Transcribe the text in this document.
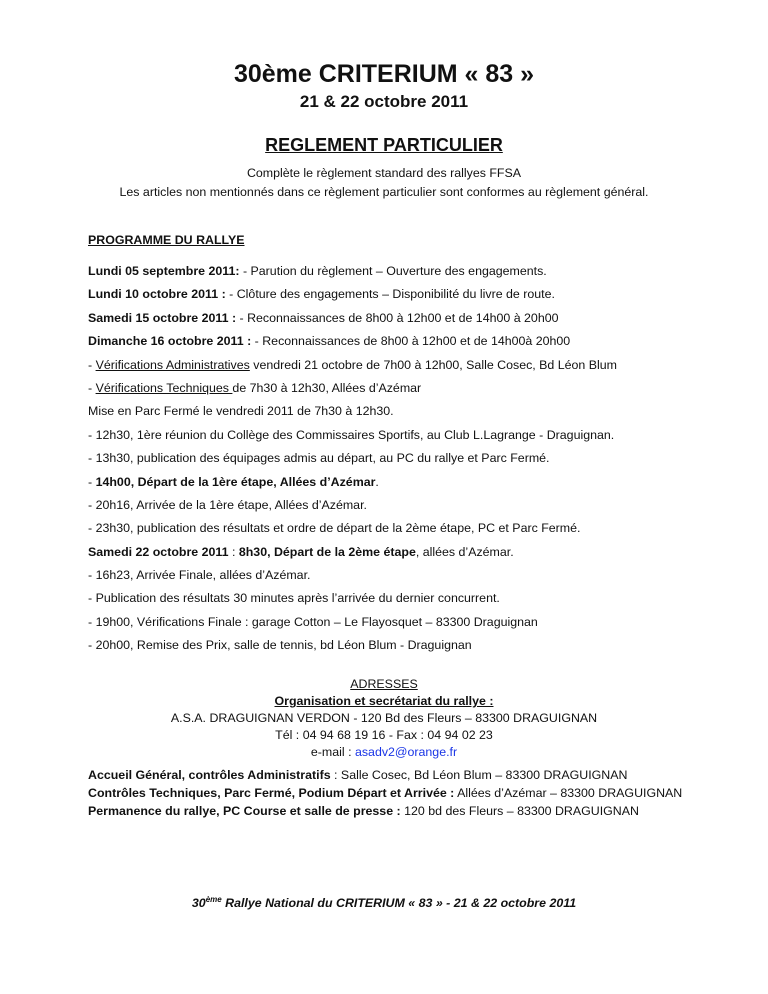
30ème CRITERIUM « 83 »
21 & 22 octobre 2011
REGLEMENT PARTICULIER
Complète le règlement standard des rallyes FFSA
Les articles non mentionnés dans ce règlement particulier sont conformes au règlement général.
PROGRAMME DU RALLYE
Lundi 05 septembre 2011: - Parution du règlement – Ouverture des engagements.
Lundi 10 octobre 2011 : - Clôture des engagements – Disponibilité du livre de route.
Samedi 15 octobre 2011 : - Reconnaissances de 8h00 à 12h00 et de 14h00 à 20h00
Dimanche 16 octobre 2011 : - Reconnaissances de 8h00 à 12h00 et de 14h00à 20h00
- Vérifications Administratives vendredi 21 octobre de 7h00 à 12h00, Salle Cosec, Bd Léon Blum
- Vérifications Techniques de 7h30 à 12h30, Allées d’Azémar
Mise en Parc Fermé le vendredi 2011 de 7h30 à 12h30.
- 12h30, 1ère réunion du Collège des Commissaires Sportifs, au Club L.Lagrange - Draguignan.
- 13h30, publication des équipages admis au départ, au PC du rallye et Parc Fermé.
- 14h00, Départ de la 1ère étape, Allées d’Azémar.
- 20h16, Arrivée de la 1ère étape, Allées d’Azémar.
- 23h30, publication des résultats et ordre de départ de la 2ème étape, PC et Parc Fermé.
Samedi 22 octobre 2011 : 8h30, Départ de la 2ème étape, allées d’Azémar.
- 16h23, Arrivée Finale, allées d’Azémar.
- Publication des résultats 30 minutes après l’arrivée du dernier concurrent.
- 19h00, Vérifications Finale : garage Cotton – Le Flayosquet – 83300 Draguignan
- 20h00, Remise des Prix, salle de tennis, bd Léon Blum - Draguignan
ADRESSES
Organisation et secrétariat du rallye :
A.S.A. DRAGUIGNAN VERDON - 120 Bd des Fleurs – 83300 DRAGUIGNAN
Tél : 04 94 68 19 16 - Fax : 04 94 02 23
e-mail : asadv2@orange.fr
Accueil Général, contrôles Administratifs : Salle Cosec, Bd Léon Blum – 83300 DRAGUIGNAN
Contrôles Techniques, Parc Fermé, Podium Départ et Arrivée : Allées d’Azémar – 83300 DRAGUIGNAN
Permanence du rallye, PC Course et salle de presse : 120 bd des Fleurs – 83300 DRAGUIGNAN
30ème Rallye National du CRITERIUM « 83 » - 21 & 22 octobre 2011
